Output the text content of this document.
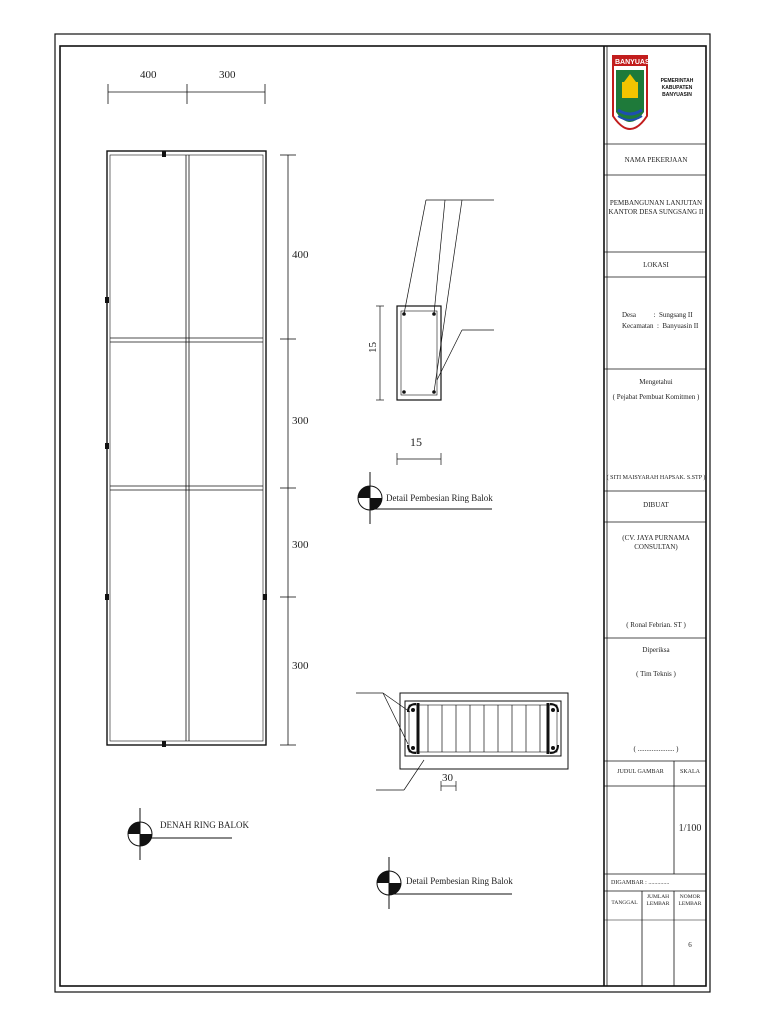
400	300
400
300
300
300
DENAH RING BALOK
15
15
Detail Pembesian Ring Balok
30
Detail Pembesian Ring Balok
BANYUASIN
PEMERINTAH KABUPATEN BANYUASIN
NAMA PEKERJAAN
PEMBANGUNAN LANJUTAN KANTOR DESA SUNGSANG II
LOKASI
Desa          :  Sungsang II
Kecamatan  :  Banyuasin II
Mengetahui
( Pejabat Pembuat Komitmen )
( SITI MAISYARAH HAPSAK. S.STP )
DIBUAT
(CV. JAYA PURNAMA CONSULTAN)
( Ronal Febrian. ST )
Diperiksa
( Tim Teknis )
( ..................... )
JUDUL GAMBAR	SKALA
1/100
DIGAMBAR : ..............
TANGGAL
JUMLAH LEMBAR
NOMOR LEMBAR
6
